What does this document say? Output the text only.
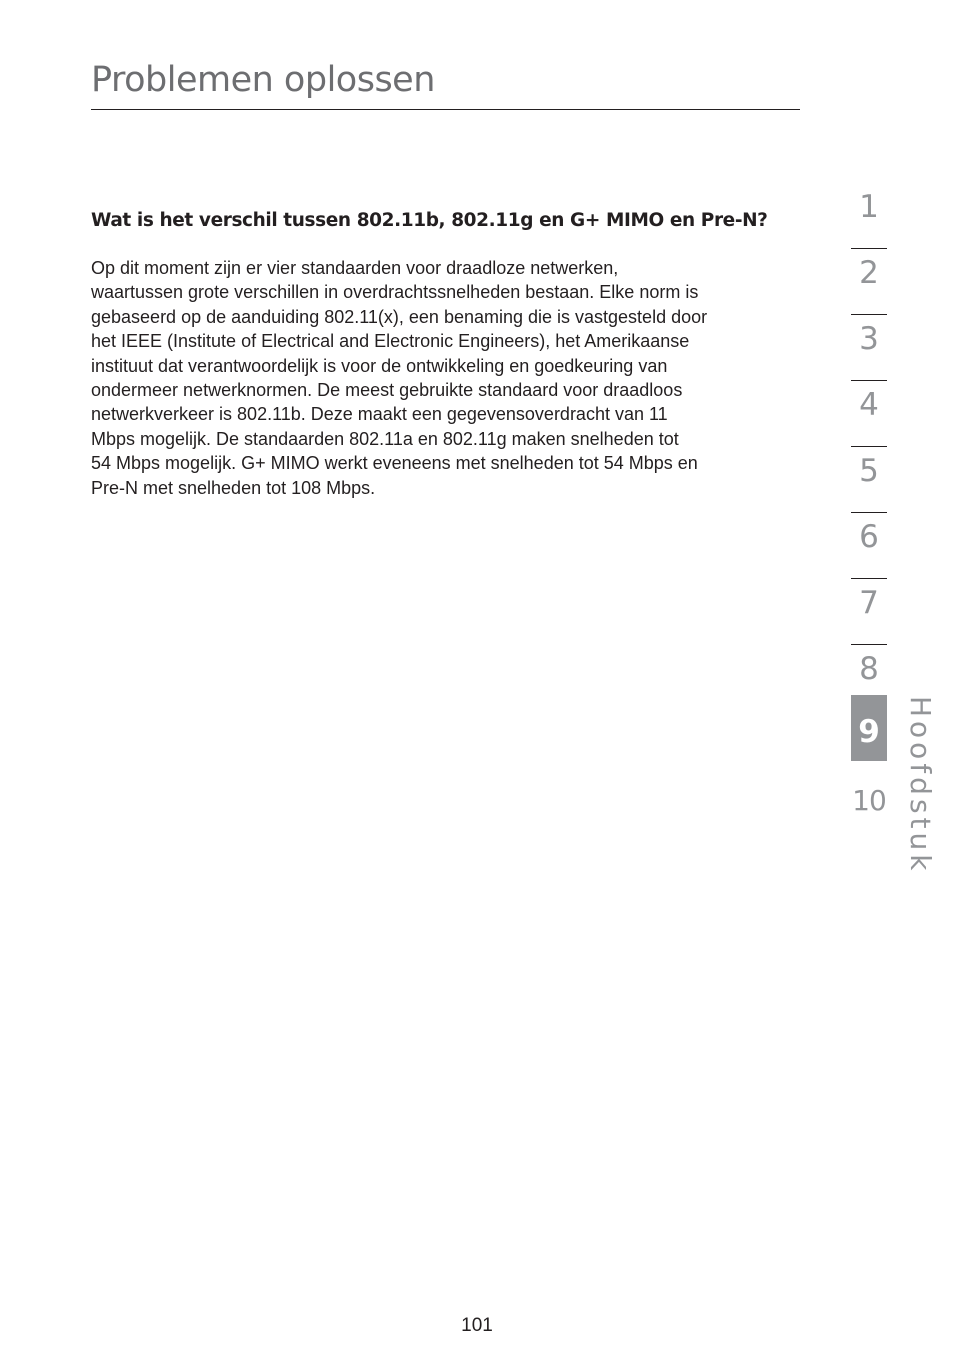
Problemen oplossen
Wat is het verschil tussen 802.11b, 802.11g en G+ MIMO en Pre-N?

Op dit moment zijn er vier standaarden voor draadloze netwerken,
waartussen grote verschillen in overdrachtssnelheden bestaan. Elke norm is
gebaseerd op de aanduiding 802.11(x), een benaming die is vastgesteld door
het IEEE (Institute of Electrical and Electronic Engineers), het Amerikaanse
instituut dat verantwoordelijk is voor de ontwikkeling en goedkeuring van
ondermeer netwerknormen. De meest gebruikte standaard voor draadloos
netwerkverkeer is 802.11b. Deze maakt een gegevensoverdracht van 11
Mbps mogelijk. De standaarden 802.11a en 802.11g maken snelheden tot
54 Mbps mogelijk. G+ MIMO werkt eveneens met snelheden tot 54 Mbps en
Pre-N met snelheden tot 108 Mbps.

1
2
3
4
5
6
7
8
9
10 Hoofdstuk
101
